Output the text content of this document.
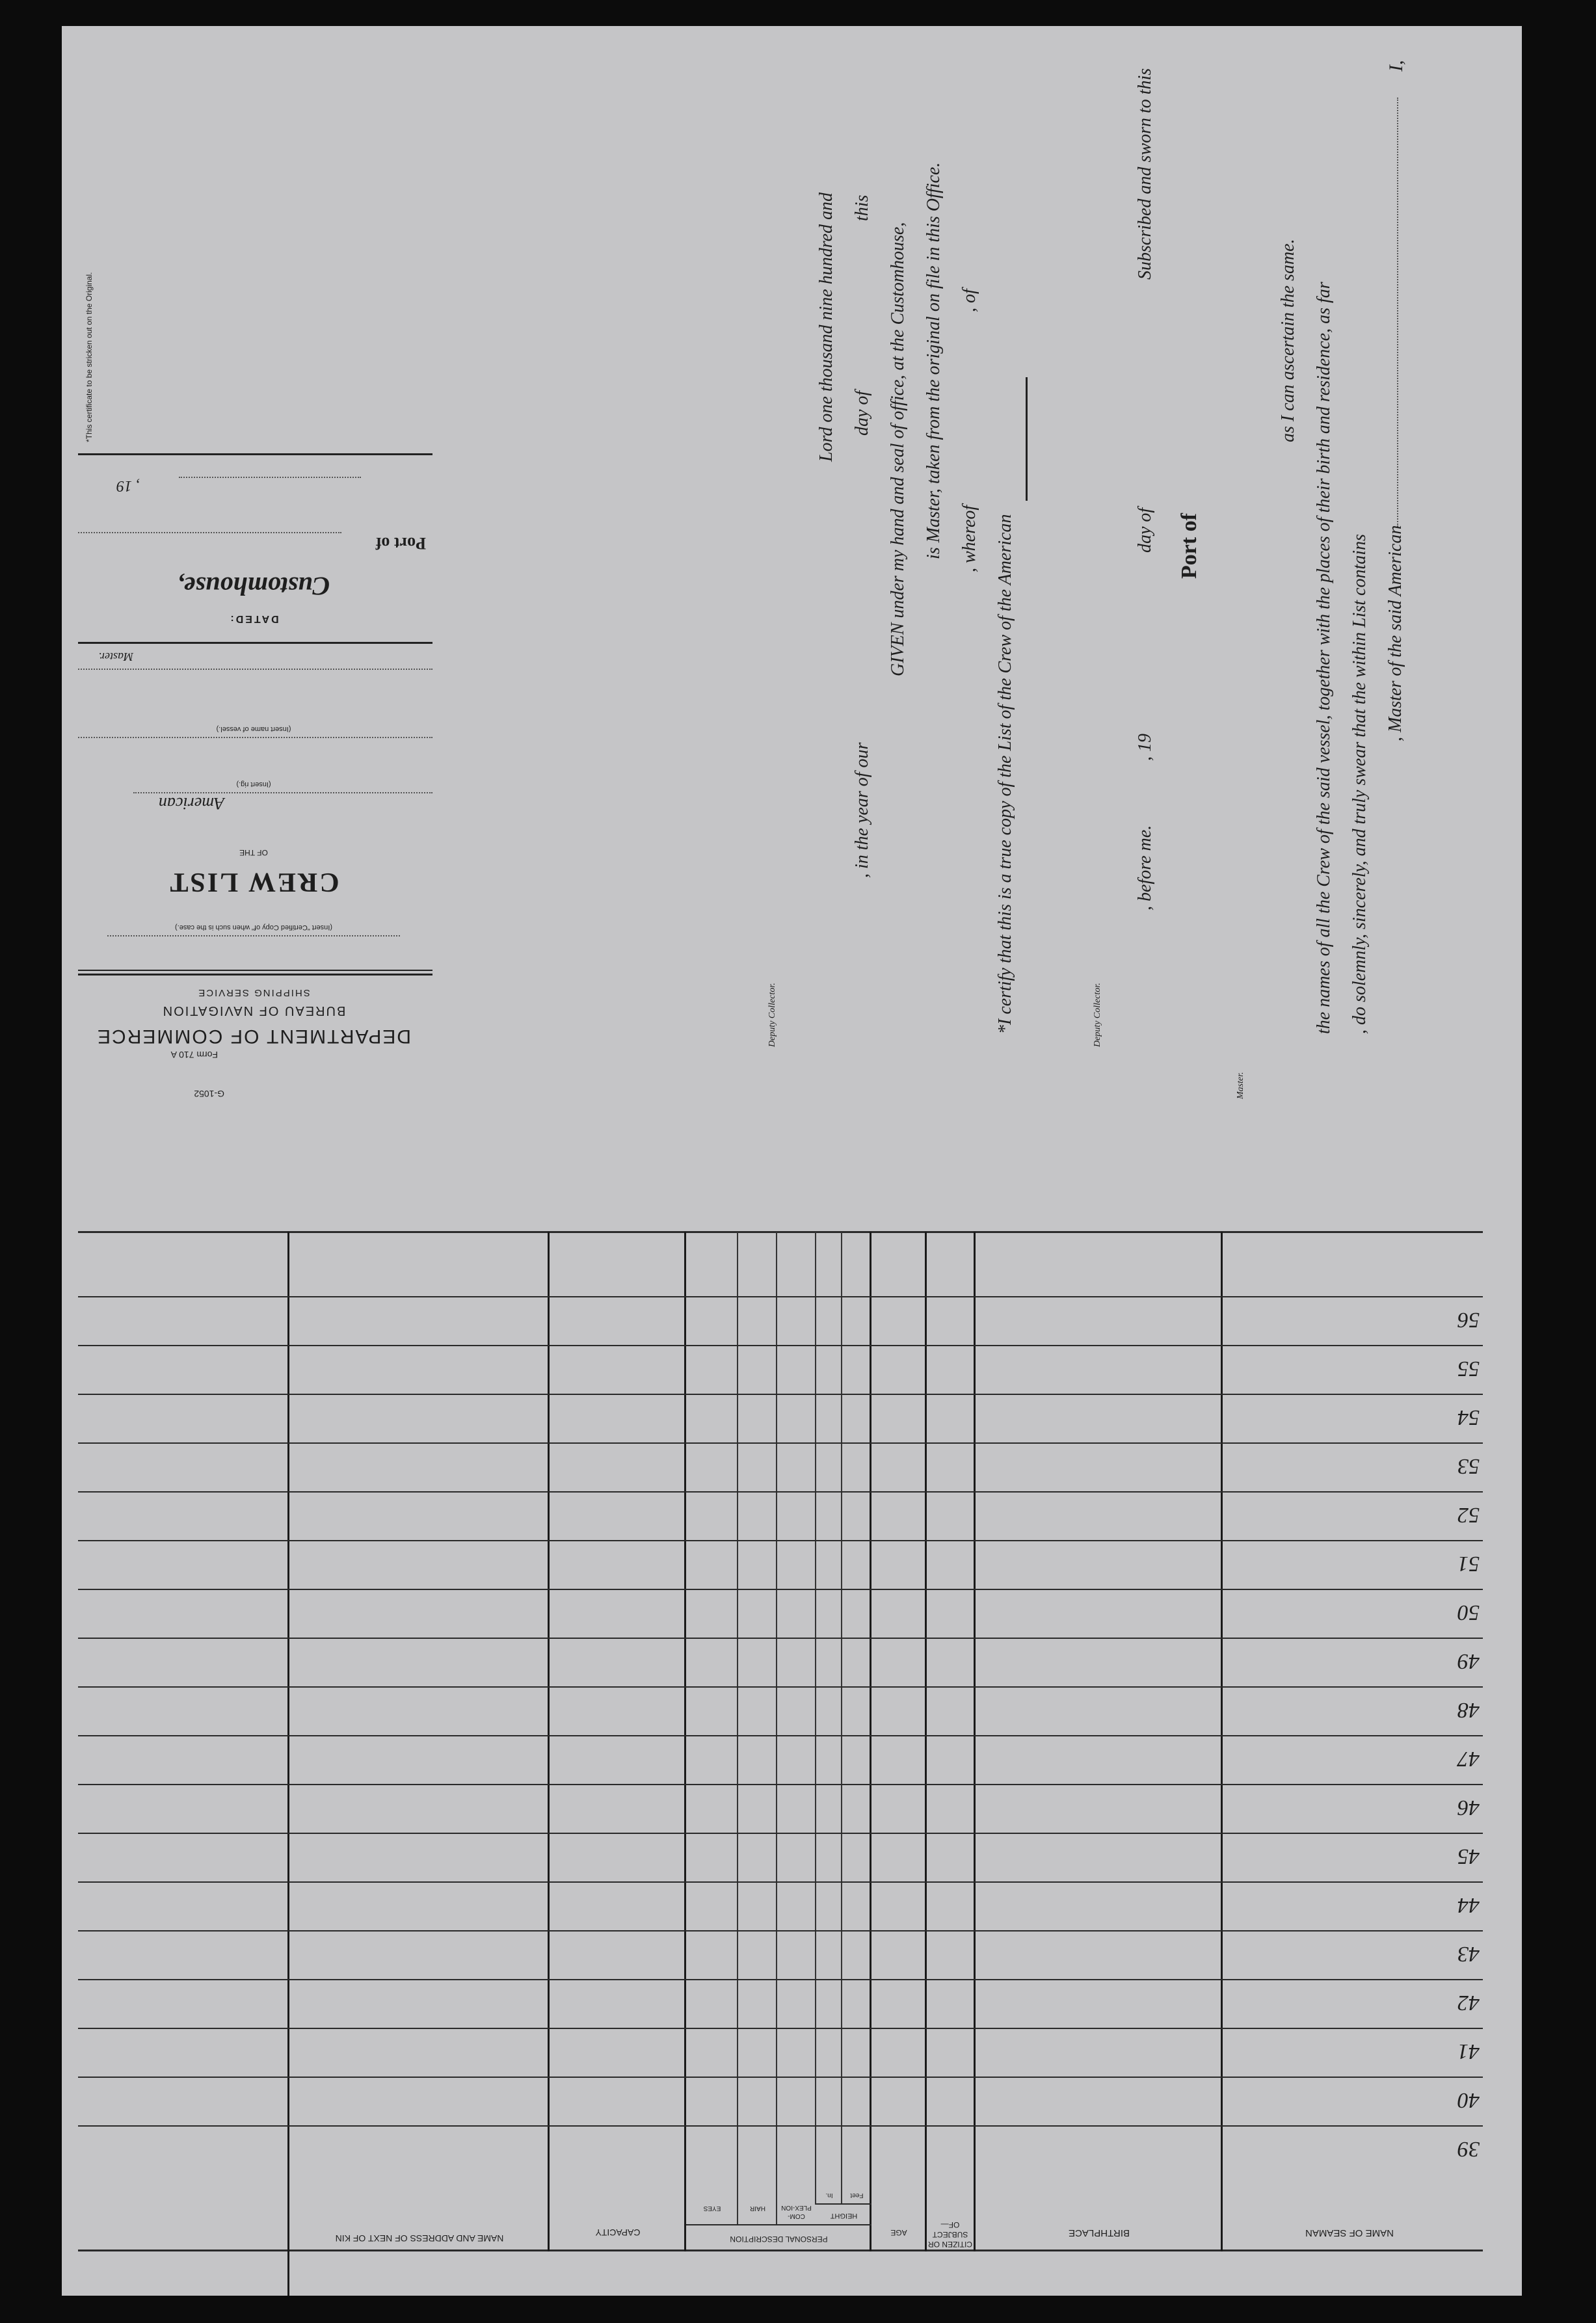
NAME OF SEAMAN
BIRTHPLACE
CITIZEN OR SUBJECT OF—
AGE
PERSONAL DESCRIPTION
HEIGHT
Feet
In.
COM-PLEX-ION
HAIR
EYES
CAPACITY
NAME AND ADDRESS OF NEXT OF KIN
39
40
41
42
43
44
45
46
47
48
49
50
51
52
53
54
55
56
G-1052
Form 710 A
DEPARTMENT OF COMMERCE
BUREAU OF NAVIGATION
SHIPPING SERVICE
(Insert "Certified Copy of" when such is the case.)
CREW LIST
OF THE
American
(Insert rig.)
(Insert name of vessel.)
Master.
DATED:
Customhouse,
Port of
, 19
*This certificate to be stricken out on the Original.
I,
, Master of the said American
, do solemnly, sincerely, and truly swear that the within List contains
the names of all the Crew of the said vessel, together with the places of their birth and residence, as far
as I can ascertain the same.
Master.
Port of
Subscribed and sworn to this
day of
, 19
, before me.
Deputy Collector.
*I certify that this is a true copy of the List of the Crew of the American
, of
, whereof
is Master, taken from the original on file in this Office.
GIVEN under my hand and seal of office, at the Customhouse,
this
day of
, in the year of our
Lord one thousand nine hundred and
Deputy Collector.
